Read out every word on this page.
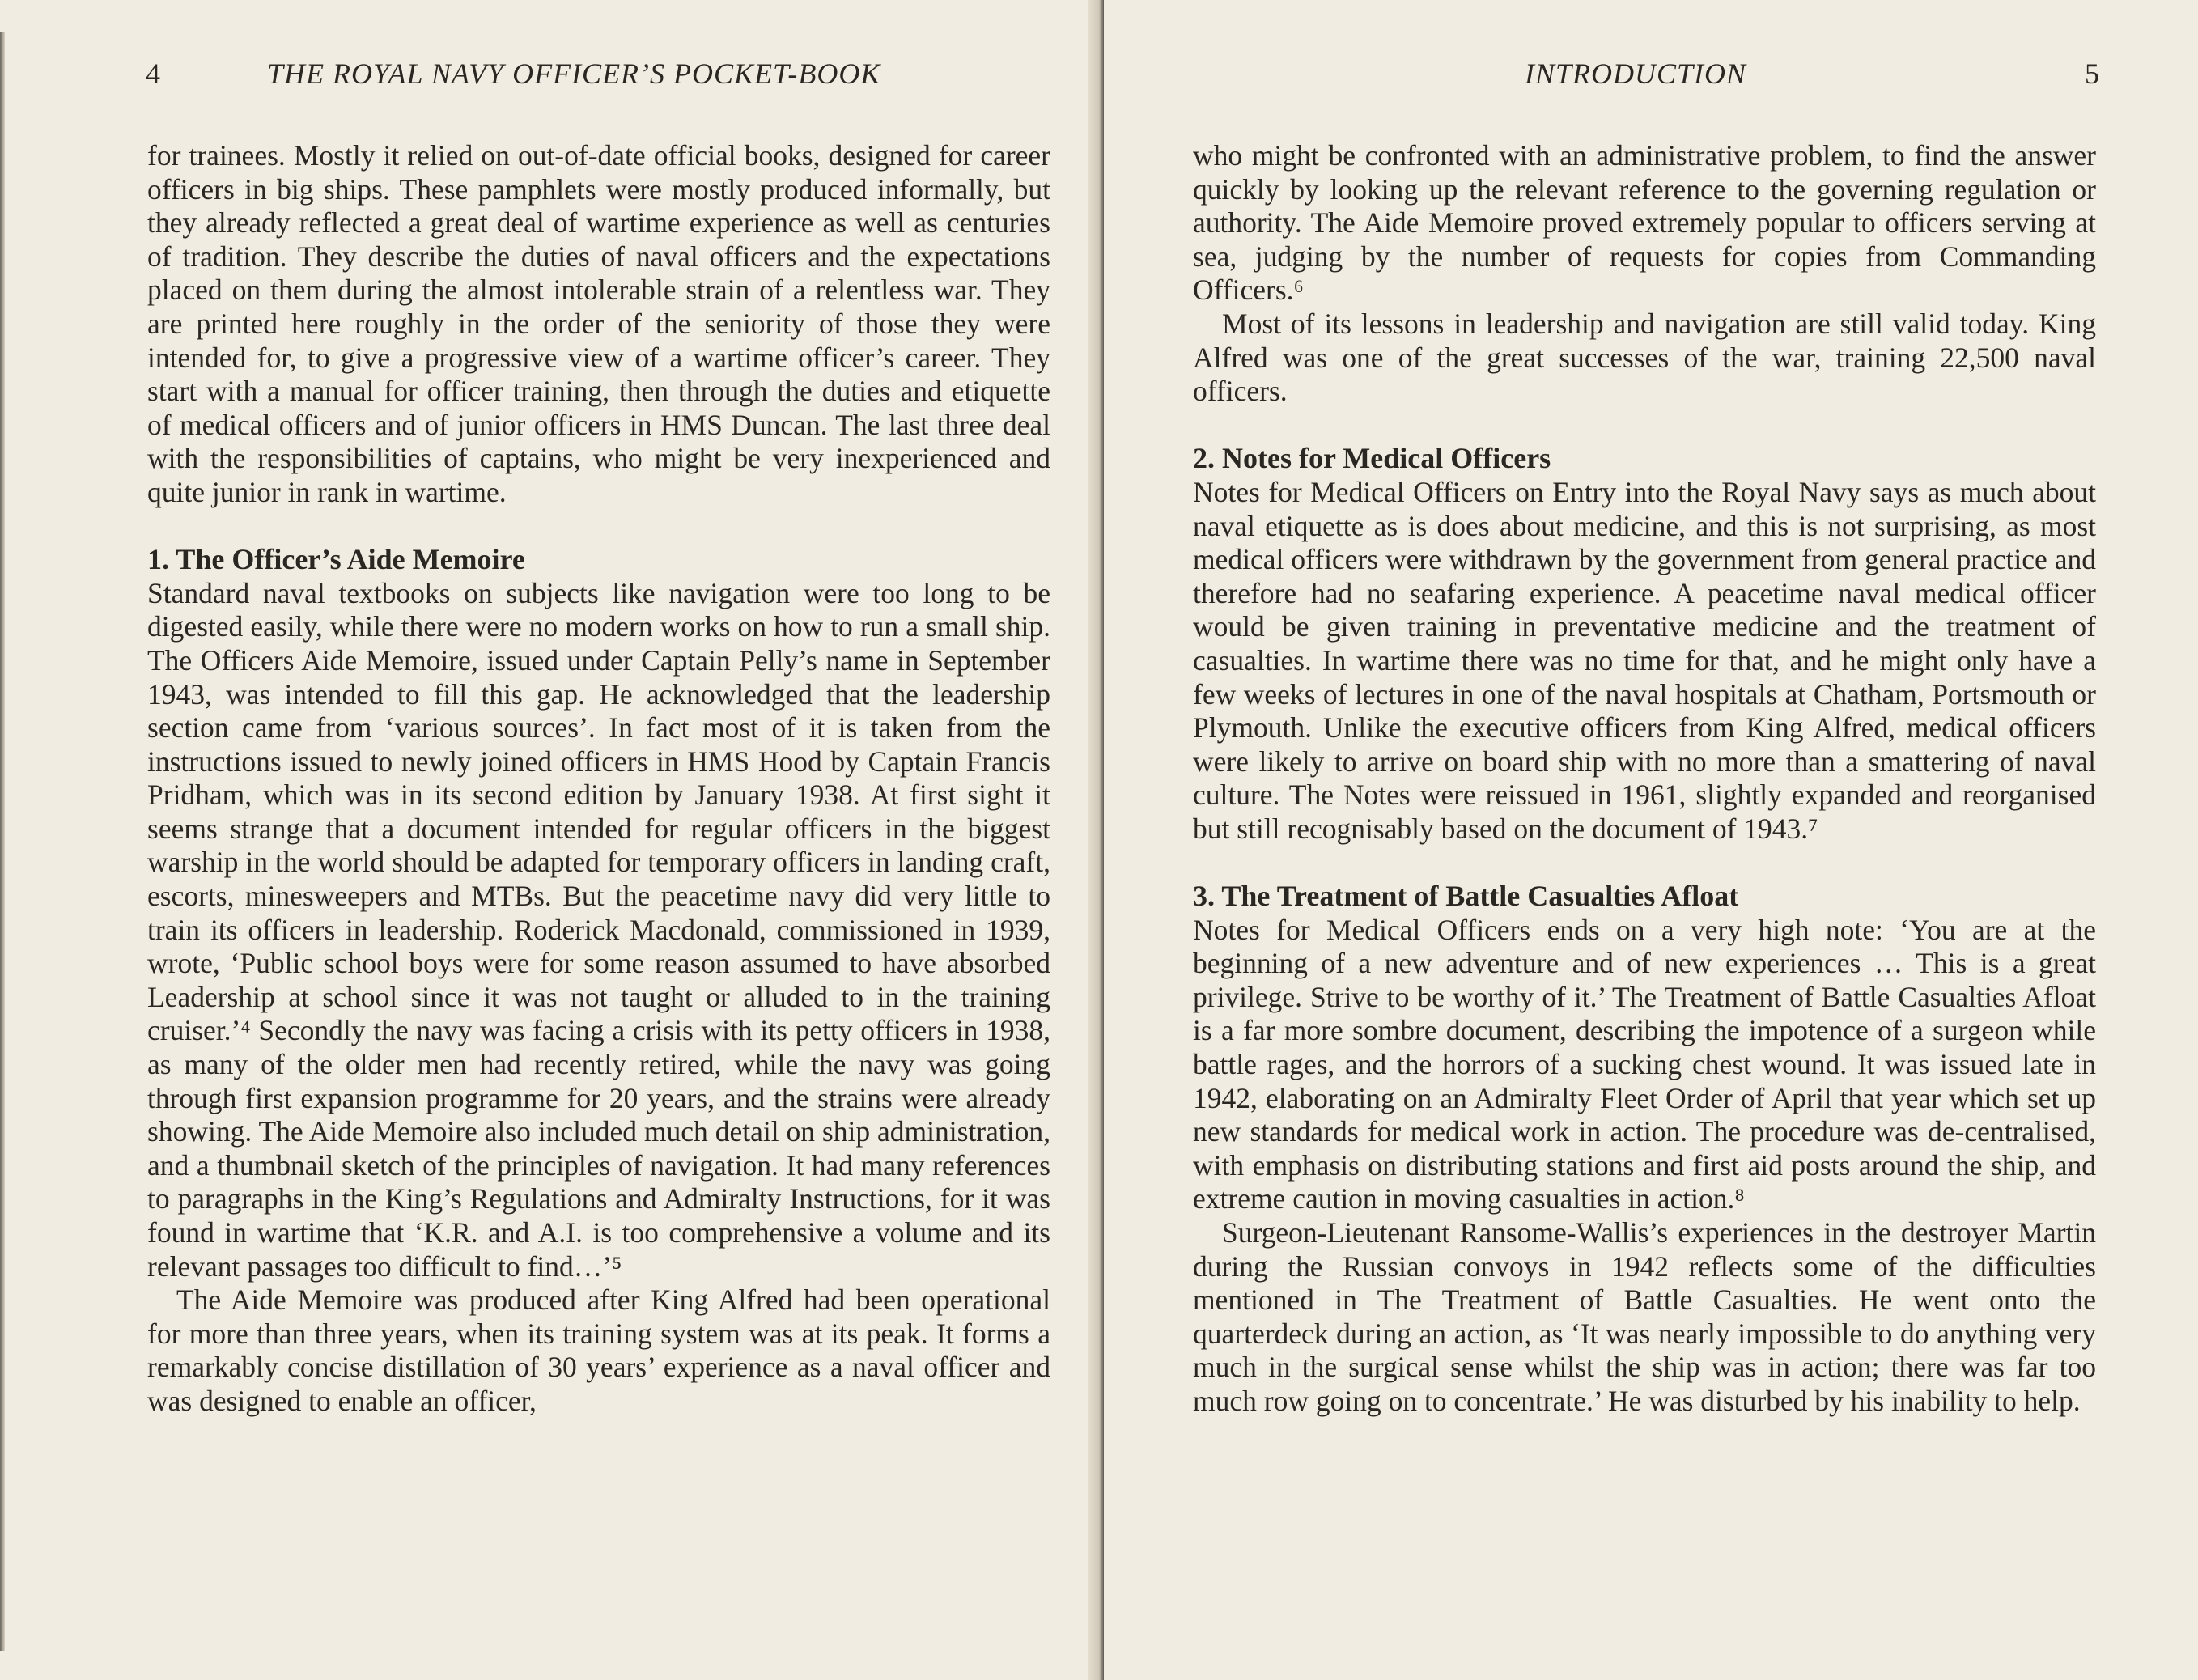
4	THE ROYAL NAVY OFFICER’S POCKET-BOOK

for trainees. Mostly it relied on out-of-date official books, designed for career officers in big ships. These pamphlets were mostly produced informally, but they already reflected a great deal of wartime experience as well as centuries of tradition. They describe the duties of naval officers and the expectations placed on them during the almost intolerable strain of a relentless war. They are printed here roughly in the order of the seniority of those they were intended for, to give a progressive view of a wartime officer’s career. They start with a manual for officer training, then through the duties and etiquette of medical officers and of junior officers in HMS Duncan. The last three deal with the responsibilities of captains, who might be very inexperienced and quite junior in rank in wartime.

1. The Officer’s Aide Memoire

Standard naval textbooks on subjects like navigation were too long to be digested easily, while there were no modern works on how to run a small ship. The Officers Aide Memoire, issued under Captain Pelly’s name in September 1943, was intended to fill this gap. He acknowledged that the leadership section came from ‘various sources’. In fact most of it is taken from the instructions issued to newly joined officers in HMS Hood by Captain Francis Pridham, which was in its second edition by January 1938. At first sight it seems strange that a document intended for regular officers in the biggest warship in the world should be adapted for temporary officers in landing craft, escorts, minesweepers and MTBs. But the peacetime navy did very little to train its officers in leadership. Roderick Macdonald, commissioned in 1939, wrote, ‘Public school boys were for some reason assumed to have absorbed Leadership at school since it was not taught or alluded to in the training cruiser.’⁴ Secondly the navy was facing a crisis with its petty officers in 1938, as many of the older men had recently retired, while the navy was going through first expansion programme for 20 years, and the strains were already showing. The Aide Memoire also included much detail on ship administration, and a thumbnail sketch of the principles of navigation. It had many references to paragraphs in the King’s Regulations and Admiralty Instructions, for it was found in wartime that ‘K.R. and A.I. is too comprehensive a volume and its relevant passages too difficult to find…’⁵

The Aide Memoire was produced after King Alfred had been operational for more than three years, when its training system was at its peak. It forms a remarkably concise distillation of 30 years’ experience as a naval officer and was designed to enable an officer,

INTRODUCTION	5

who might be confronted with an administrative problem, to find the answer quickly by looking up the relevant reference to the governing regulation or authority. The Aide Memoire proved extremely popular to officers serving at sea, judging by the number of requests for copies from Commanding Officers.⁶

Most of its lessons in leadership and navigation are still valid today. King Alfred was one of the great successes of the war, training 22,500 naval officers.

2. Notes for Medical Officers

Notes for Medical Officers on Entry into the Royal Navy says as much about naval etiquette as is does about medicine, and this is not surprising, as most medical officers were withdrawn by the government from general practice and therefore had no seafaring experience. A peacetime naval medical officer would be given training in preventative medicine and the treatment of casualties. In wartime there was no time for that, and he might only have a few weeks of lectures in one of the naval hospitals at Chatham, Portsmouth or Plymouth. Unlike the executive officers from King Alfred, medical officers were likely to arrive on board ship with no more than a smattering of naval culture. The Notes were reissued in 1961, slightly expanded and reorganised but still recognisably based on the document of 1943.⁷

3. The Treatment of Battle Casualties Afloat

Notes for Medical Officers ends on a very high note: ‘You are at the beginning of a new adventure and of new experiences … This is a great privilege. Strive to be worthy of it.’ The Treatment of Battle Casualties Afloat is a far more sombre document, describing the impotence of a surgeon while battle rages, and the horrors of a sucking chest wound. It was issued late in 1942, elaborating on an Admiralty Fleet Order of April that year which set up new standards for medical work in action. The procedure was de-centralised, with emphasis on distributing stations and first aid posts around the ship, and extreme caution in moving casualties in action.⁸

Surgeon-Lieutenant Ransome-Wallis’s experiences in the destroyer Martin during the Russian convoys in 1942 reflects some of the difficulties mentioned in The Treatment of Battle Casualties. He went onto the quarterdeck during an action, as ‘It was nearly impossible to do anything very much in the surgical sense whilst the ship was in action; there was far too much row going on to concentrate.’ He was disturbed by his inability to help.
